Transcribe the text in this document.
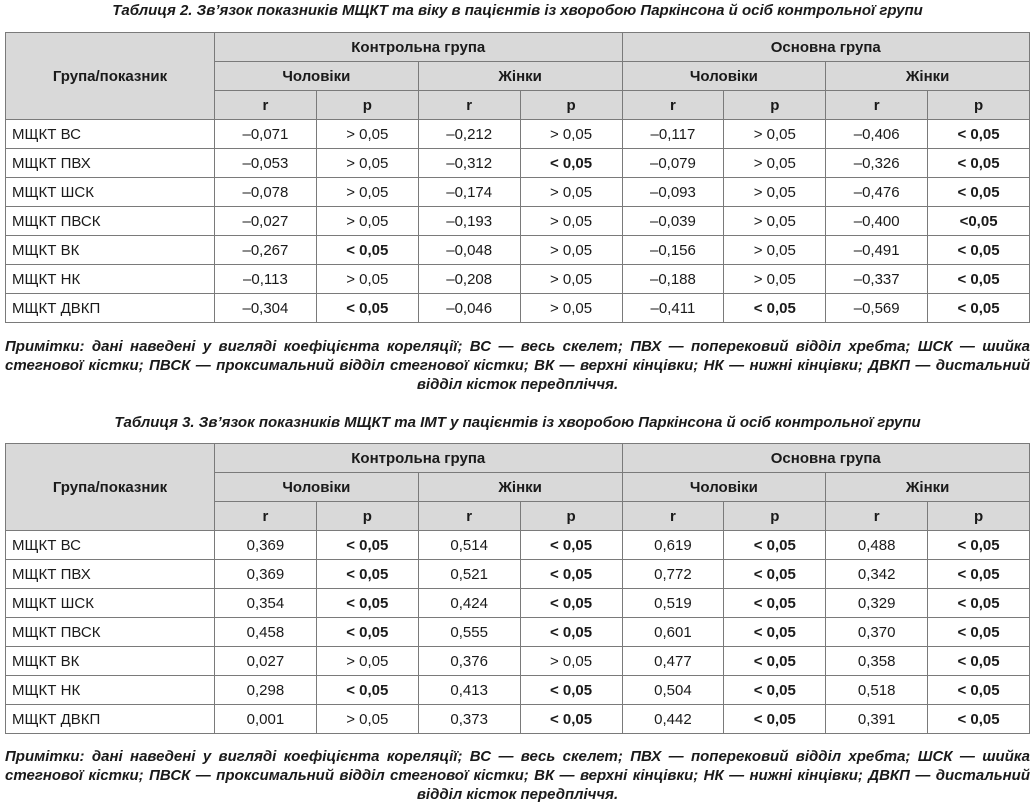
Таблиця 2. Зв’язок показників МЩКТ та віку в пацієнтів із хворобою Паркінсона й осіб контрольної групи
Група/показник	Контрольна група				Основна група			
	Чоловіки		Жінки		Чоловіки		Жінки	
	r	p	r	p	r	p	r	p
МЩКТ ВС	–0,071	> 0,05	–0,212	> 0,05	–0,117	> 0,05	–0,406	< 0,05
МЩКТ ПВХ	–0,053	> 0,05	–0,312	< 0,05	–0,079	> 0,05	–0,326	< 0,05
МЩКТ ШСК	–0,078	> 0,05	–0,174	> 0,05	–0,093	> 0,05	–0,476	< 0,05
МЩКТ ПВСК	–0,027	> 0,05	–0,193	> 0,05	–0,039	> 0,05	–0,400	<0,05
МЩКТ ВК	–0,267	< 0,05	–0,048	> 0,05	–0,156	> 0,05	–0,491	< 0,05
МЩКТ НК	–0,113	> 0,05	–0,208	> 0,05	–0,188	> 0,05	–0,337	< 0,05
МЩКТ ДВКП	–0,304	< 0,05	–0,046	> 0,05	–0,411	< 0,05	–0,569	< 0,05
Примітки: дані наведені у вигляді коефіцієнта кореляції; ВС — весь скелет; ПВХ — поперековий відділ хребта; ШСК — шийка стегнової кістки; ПВСК — проксимальний відділ стегнової кістки; ВК — верхні кінцівки; НК — нижні кінцівки; ДВКП — дистальний відділ кісток передпліччя.
Таблиця 3. Зв’язок показників МЩКТ та ІМТ у пацієнтів із хворобою Паркінсона й осіб контрольної групи
Група/показник	Контрольна група				Основна група			
	Чоловіки		Жінки		Чоловіки		Жінки	
	r	p	r	p	r	p	r	p
МЩКТ ВС	0,369	< 0,05	0,514	< 0,05	0,619	< 0,05	0,488	< 0,05
МЩКТ ПВХ	0,369	< 0,05	0,521	< 0,05	0,772	< 0,05	0,342	< 0,05
МЩКТ ШСК	0,354	< 0,05	0,424	< 0,05	0,519	< 0,05	0,329	< 0,05
МЩКТ ПВСК	0,458	< 0,05	0,555	< 0,05	0,601	< 0,05	0,370	< 0,05
МЩКТ ВК	0,027	> 0,05	0,376	> 0,05	0,477	< 0,05	0,358	< 0,05
МЩКТ НК	0,298	< 0,05	0,413	< 0,05	0,504	< 0,05	0,518	< 0,05
МЩКТ ДВКП	0,001	> 0,05	0,373	< 0,05	0,442	< 0,05	0,391	< 0,05
Примітки: дані наведені у вигляді коефіцієнта кореляції; ВС — весь скелет; ПВХ — поперековий відділ хребта; ШСК — шийка стегнової кістки; ПВСК — проксимальний відділ стегнової кістки; ВК — верхні кінцівки; НК — нижні кінцівки; ДВКП — дистальний відділ кісток передпліччя.
